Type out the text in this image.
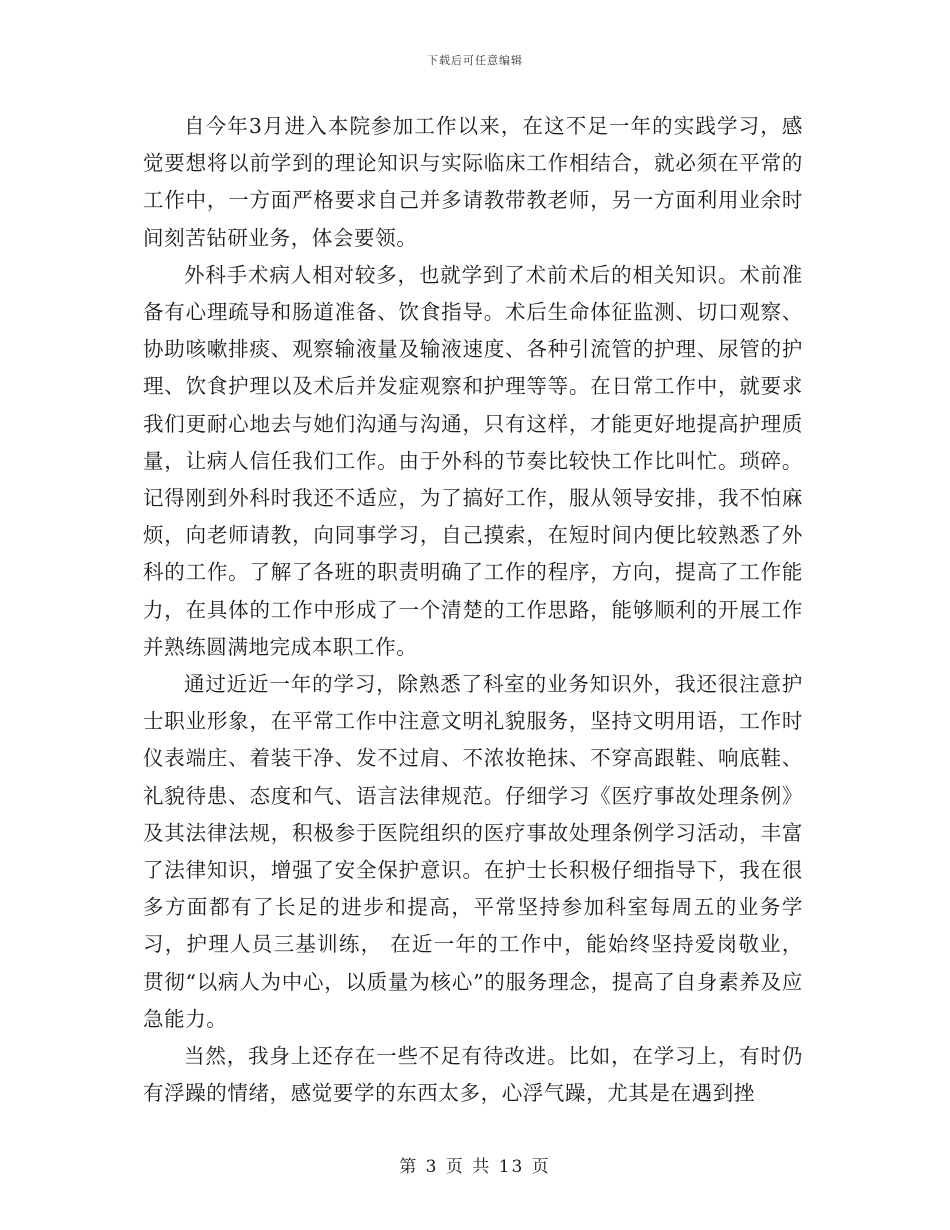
下载后可任意编辑

自今年3月进入本院参加工作以来，在这不足一年的实践学习，感觉要想将以前学到的理论知识与实际临床工作相结合，就必须在平常的工作中，一方面严格要求自己并多请教带教老师，另一方面利用业余时间刻苦钻研业务，体会要领。

外科手术病人相对较多，也就学到了术前术后的相关知识。术前准备有心理疏导和肠道准备、饮食指导。术后生命体征监测、切口观察、协助咳嗽排痰、观察输液量及输液速度、各种引流管的护理、尿管的护理、饮食护理以及术后并发症观察和护理等等。在日常工作中，就要求我们更耐心地去与她们沟通与沟通，只有这样，才能更好地提高护理质量，让病人信任我们工作。由于外科的节奏比较快工作比叫忙。琐碎。记得刚到外科时我还不适应，为了搞好工作，服从领导安排，我不怕麻烦，向老师请教，向同事学习，自己摸索，在短时间内便比较熟悉了外科的工作。了解了各班的职责明确了工作的程序，方向，提高了工作能力，在具体的工作中形成了一个清楚的工作思路，能够顺利的开展工作并熟练圆满地完成本职工作。

通过近近一年的学习，除熟悉了科室的业务知识外，我还很注意护士职业形象，在平常工作中注意文明礼貌服务，坚持文明用语，工作时仪表端庄、着装干净、发不过肩、不浓妆艳抹、不穿高跟鞋、响底鞋、礼貌待患、态度和气、语言法律规范。仔细学习《医疗事故处理条例》及其法律法规，积极参于医院组织的医疗事故处理条例学习活动，丰富了法律知识，增强了安全保护意识。在护士长积极仔细指导下，我在很多方面都有了长足的进步和提高，平常坚持参加科室每周五的业务学习，护理人员三基训练， 在近一年的工作中，能始终坚持爱岗敬业，贯彻“以病人为中心，以质量为核心”的服务理念，提高了自身素养及应急能力。

当然，我身上还存在一些不足有待改进。比如，在学习上，有时仍有浮躁的情绪，感觉要学的东西太多，心浮气躁，尤其是在遇到挫

第 3 页 共 13 页
